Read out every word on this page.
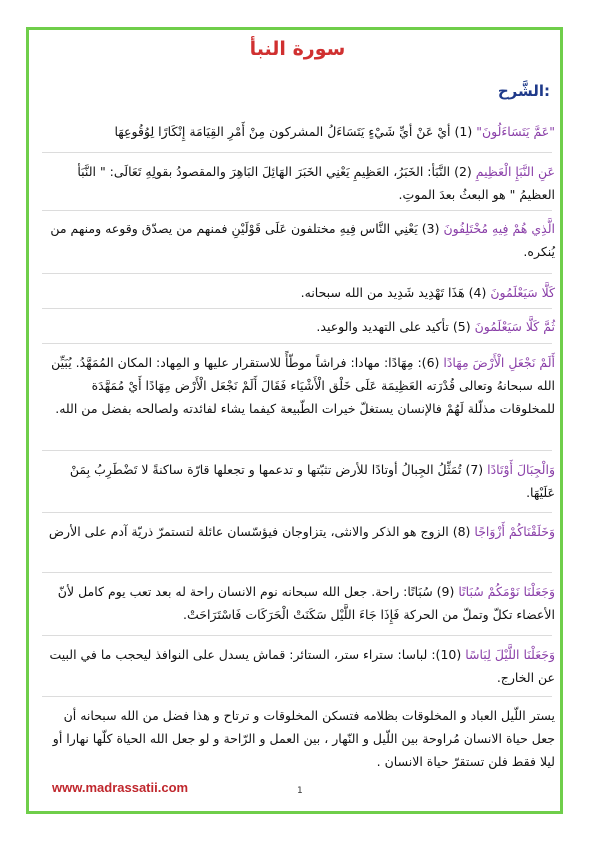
سورة النبأ
الشَّرح:
"عَمَّ يَتَسَاءَلُونَ" (1) أيْ عَنْ أيِّ شَيْءٍ يَتَسَاءَلُ المشركون مِنْ أَمْرِ القِيَامَة إِنْكَارًا لِوُقُوعِهَا
عَنِ النَّبَإِ الْعَظِيمِ (2) النَّبَأ: الخَبَرُ، العَظِيمِ يَعْنِي الخَبَرَ الهَائِلَ البَاهِرَ والمقصودُ بقولِهِ تَعَالَى: " النَّبَأ العظيمُ " هو البعثُ بعدَ الموتِ.
الَّذِي هُمْ فِيهِ مُخْتَلِفُونَ (3) يَعْنِي النَّاس فِيهِ مختلفون عَلَى قَوْلَيْنِ فمنهم من يصدّق وقوعه ومنهم من يُنكره.
كَلَّا سَيَعْلَمُونَ (4) هَذَا تَهْدِيد شَدِيد من الله سبحانه.
ثُمَّ كَلَّا سَيَعْلَمُونَ (5) تأكيد على التهديد والوعيد.
أَلَمْ نَجْعَلِ الْأَرْضَ مِهَادًا (6): مِهَادًا: مهادا: فراشاً موطّأً للاستقرار عليها و المِهاد: المكان المُمَهَّدُ. يُبَيِّن الله سبحانهُ وتعالى قُدْرَته العَظِيمَة عَلَى خَلْق الْأَشْيَاء فَقَالَ أَلَمْ نَجْعَل الْأَرْض مِهَادًا أَيْ مُمَهَّدَة للمخلوقات مذلّلة لَهُمْ فالإنسان يستغلّ خيرات الطّبيعة كيفما يشاء لفائدته ولصالحه بفضل من الله.
وَالْجِبَالَ أَوْتَادًا (7) تُمَثِّلُ الجِبالُ أوتادًا للأرض تثبّتها و تدعمها و تجعلها قارّة ساكنةً لا تَضْطَرِبُ بِمَنْ عَلَيْهَا.
وَخَلَقْنَاكُمْ أَزْوَاجًا (8) الزوج هو الذكر والانثى، يتزاوجان فيؤسّسان عائلة لتستمرّ ذريّة آدم على الأرض
وَجَعَلْنَا نَوْمَكُمْ سُبَاتًا (9) سُبَاتًا: راحة. جعل الله سبحانه نوم الانسان راحة له بعد تعب يوم كامل لأنّ الأعضاء تكلّ وتملّ من الحركة فَإِذَا جَاءَ اللَّيْل سَكَنَتْ الْحَرَكَات فَاسْتَرَاحَتْ.
وَجَعَلْنَا اللَّيْلَ لِبَاسًا (10): لباسا: ستراء ستر، الستائر: قماش يسدل على النوافذ ليحجب ما في البيت عن الخارج.
يستر اللّيل العباد و المخلوقات بظلامه فتسكن المخلوقات و ترتاح و هذا فضل من الله سبحانه أن جعل حياة الانسان مُراوحة بين اللّيل و النّهار ، بين العمل و الرّاحة و لو جعل الله الحياة كلّها نهارا أو ليلا فقط فلن تستقرّ حياة الانسان .
www.madrassatii.com	1
